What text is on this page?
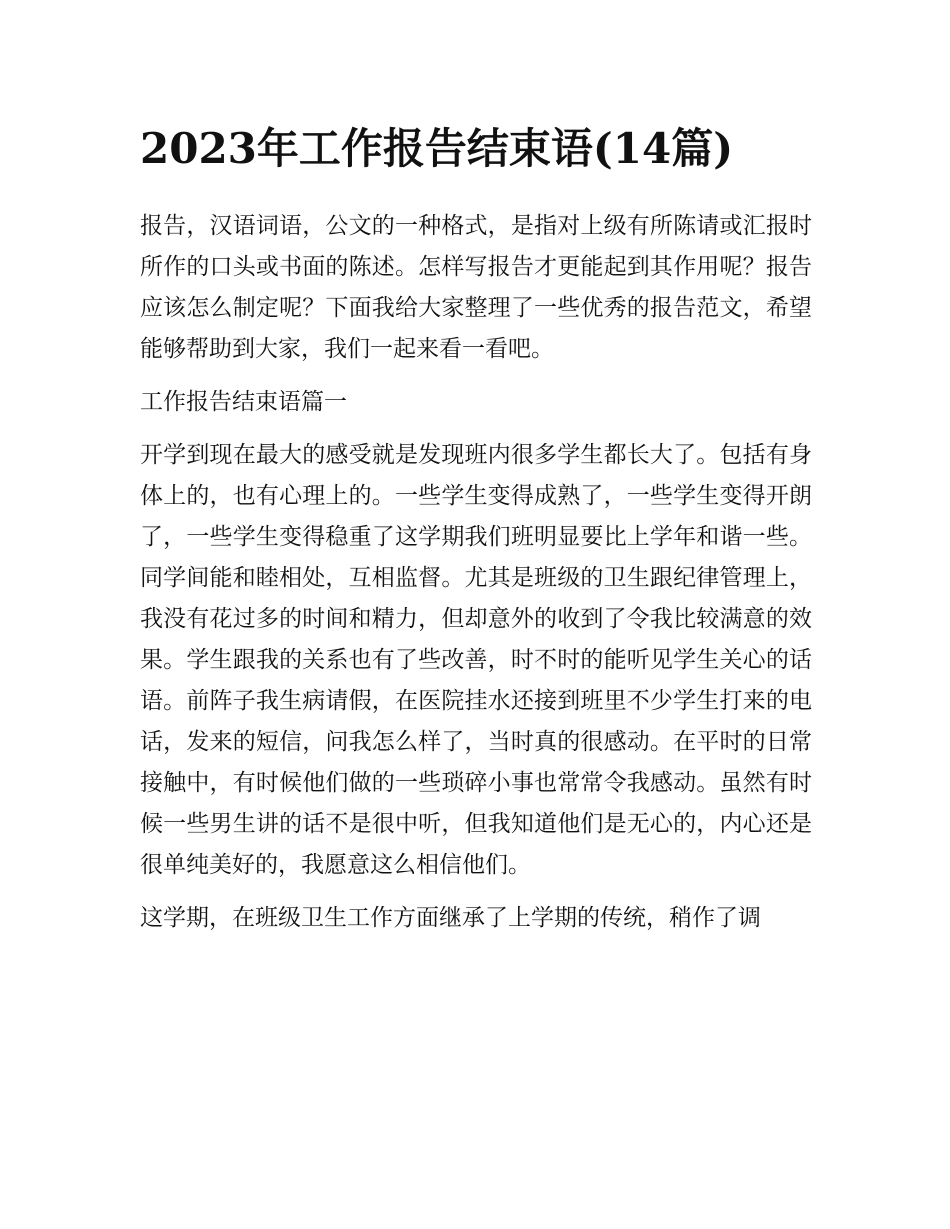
2023年工作报告结束语(14篇)

报告，汉语词语，公文的一种格式，是指对上级有所陈请或汇报时所作的口头或书面的陈述。怎样写报告才更能起到其作用呢？报告应该怎么制定呢？下面我给大家整理了一些优秀的报告范文，希望能够帮助到大家，我们一起来看一看吧。

工作报告结束语篇一

开学到现在最大的感受就是发现班内很多学生都长大了。包括有身体上的，也有心理上的。一些学生变得成熟了，一些学生变得开朗了，一些学生变得稳重了这学期我们班明显要比上学年和谐一些。同学间能和睦相处，互相监督。尤其是班级的卫生跟纪律管理上，我没有花过多的时间和精力，但却意外的收到了令我比较满意的效果。学生跟我的关系也有了些改善，时不时的能听见学生关心的话语。前阵子我生病请假，在医院挂水还接到班里不少学生打来的电话，发来的短信，问我怎么样了，当时真的很感动。在平时的日常接触中，有时候他们做的一些琐碎小事也常常令我感动。虽然有时候一些男生讲的话不是很中听，但我知道他们是无心的，内心还是很单纯美好的，我愿意这么相信他们。

这学期，在班级卫生工作方面继承了上学期的传统，稍作了调
